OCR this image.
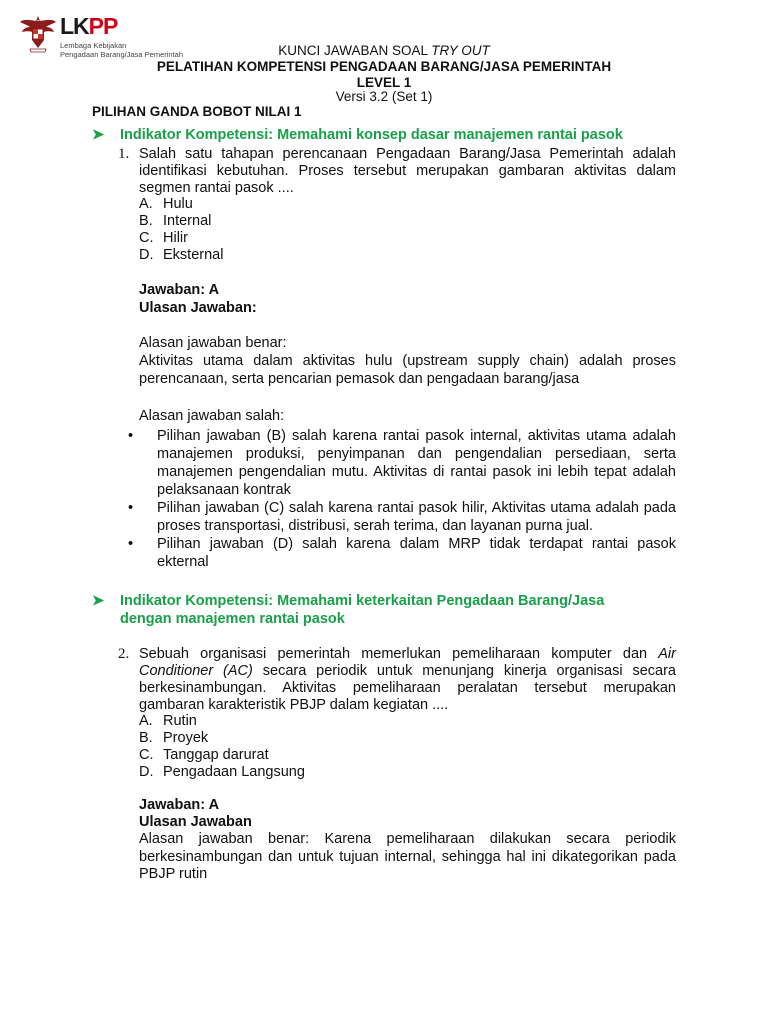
LKPP
Lembaga Kebijakan
Pengadaan Barang/Jasa Pemerintah	KUNCI JAWABAN SOAL TRY OUT
PELATIHAN KOMPETENSI PENGADAAN BARANG/JASA PEMERINTAH
LEVEL 1
Versi 3.2 (Set 1)
PILIHAN GANDA BOBOT NILAI 1
➤ Indikator Kompetensi: Memahami konsep dasar manajemen rantai pasok
1. Salah satu tahapan perencanaan Pengadaan Barang/Jasa Pemerintah adalah identifikasi kebutuhan. Proses tersebut merupakan gambaran aktivitas dalam segmen rantai pasok ....
A. Hulu
B. Internal
C. Hilir
D. Eksternal
Jawaban: A
Ulasan Jawaban:
Alasan jawaban benar:
Aktivitas utama dalam aktivitas hulu (upstream supply chain) adalah proses perencanaan, serta pencarian pemasok dan pengadaan barang/jasa
Alasan jawaban salah:
• Pilihan jawaban (B) salah karena rantai pasok internal, aktivitas utama adalah manajemen produksi, penyimpanan dan pengendalian persediaan, serta manajemen pengendalian mutu. Aktivitas di rantai pasok ini lebih tepat adalah pelaksanaan kontrak
• Pilihan jawaban (C) salah karena rantai pasok hilir, Aktivitas utama adalah pada proses transportasi, distribusi, serah terima, dan layanan purna jual.
• Pilihan jawaban (D) salah karena dalam MRP tidak terdapat rantai pasok ekternal
➤ Indikator Kompetensi: Memahami keterkaitan Pengadaan Barang/Jasa
dengan manajemen rantai pasok
2. Sebuah organisasi pemerintah memerlukan pemeliharaan komputer dan Air Conditioner (AC) secara periodik untuk menunjang kinerja organisasi secara berkesinambungan. Aktivitas pemeliharaan peralatan tersebut merupakan gambaran karakteristik PBJP dalam kegiatan ....
A. Rutin
B. Proyek
C. Tanggap darurat
D. Pengadaan Langsung
Jawaban: A
Ulasan Jawaban
Alasan jawaban benar: Karena pemeliharaan dilakukan secara periodik berkesinambungan dan untuk tujuan internal, sehingga hal ini dikategorikan pada PBJP rutin
